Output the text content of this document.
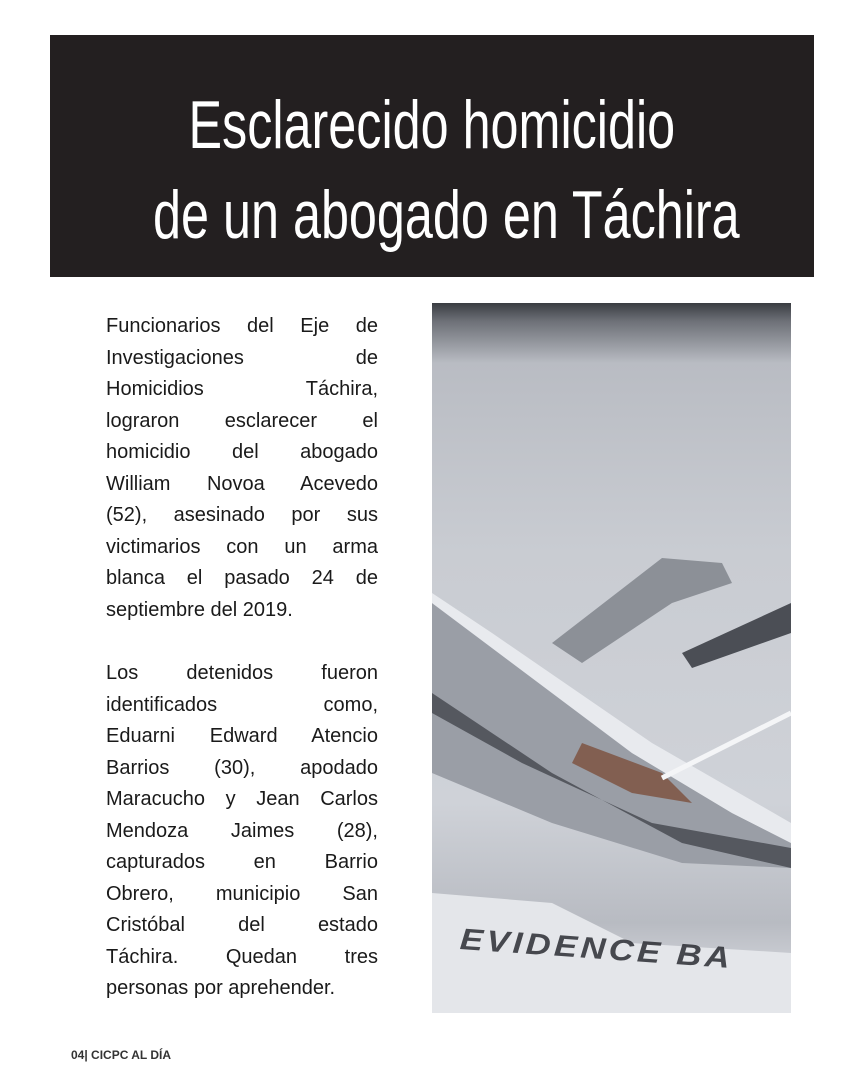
Esclarecido homicidio
de un abogado en Táchira
Funcionarios del Eje de
Investigaciones de
Homicidios Táchira,
lograron esclarecer el
homicidio del abogado
William Novoa Acevedo
(52), asesinado por sus
victimarios con un arma
blanca el pasado 24 de
septiembre del 2019.
Los detenidos fueron
identificados como,
Eduarni Edward Atencio
Barrios (30), apodado
Maracucho y Jean Carlos
Mendoza Jaimes (28),
capturados en Barrio
Obrero, municipio San
Cristóbal del estado
Táchira. Quedan tres
personas por aprehender.
EVIDENCE BA
04| CICPC AL DÍA
